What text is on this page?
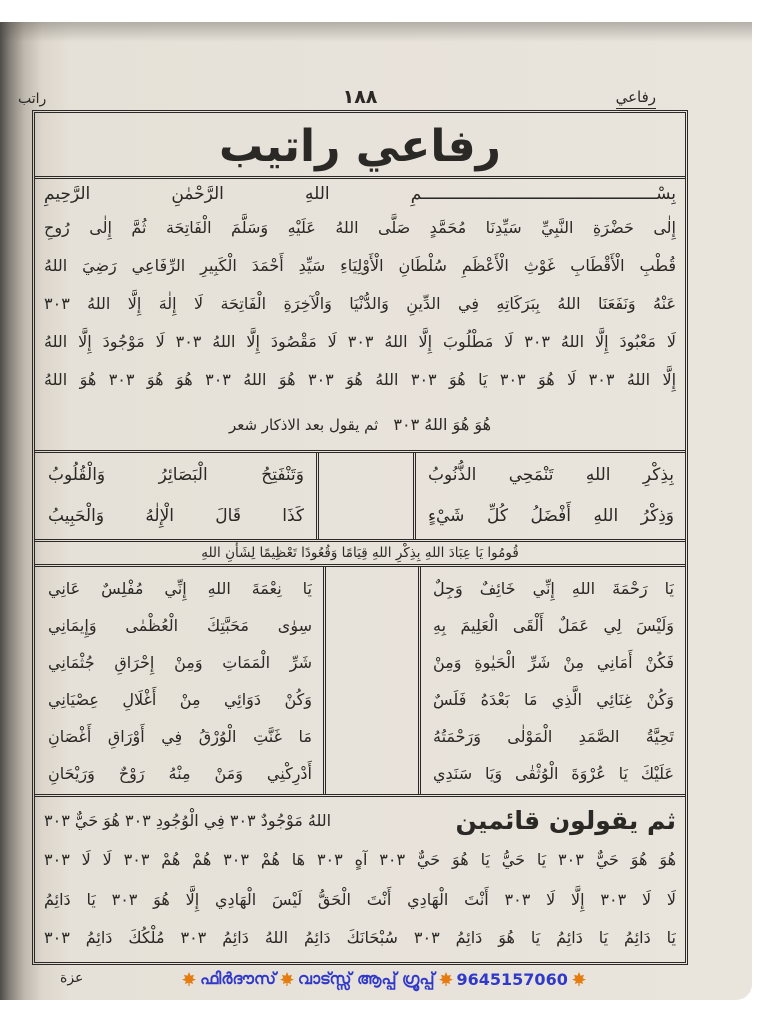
رفاعي
١٨٨
راتب
رفاعي راتيب
بِسْـــــــــــــــــــــــــــــــــــــــــــــــمِ اللهِ الرَّحْمٰنِ الرَّحِيمِ
إِلٰى حَضْرَةِ النَّبِيِّ سَيِّدِنَا مُحَمَّدٍ صَلَّى اللهُ عَلَيْهِ وَسَلَّمَ الْفَاتِحَة ثُمَّ إِلٰى رُوحِ
قُطْبِ الْأَقْطَابِ غَوْثِ الْأَعْظَمِ سُلْطَانِ الْأَوْلِيَاءِ سَيِّدِ أَحْمَدَ الْكَبِيرِ الرِّفَاعِي رَضِيَ اللهُ
عَنْهُ وَنَفَعَنَا اللهُ بِبَرَكَاتِهِ فِي الدِّينِ وَالدُّنْيَا وَالْآخِرَةِ الْفَاتِحَة لَا إِلٰهَ إِلَّا اللهُ ٣٠٣
لَا مَعْبُودَ إِلَّا اللهُ ٣٠٣ لَا مَطْلُوبَ إِلَّا اللهُ ٣٠٣ لَا مَقْصُودَ إِلَّا اللهُ ٣٠٣ لَا مَوْجُودَ إِلَّا اللهُ
إِلَّا اللهُ ٣٠٣ لَا هُوَ ٣٠٣ يَا هُوَ ٣٠٣ اللهُ هُوَ ٣٠٣ هُوَ اللهُ ٣٠٣ هُوَ هُوَ ٣٠٣ هُوَ اللهُ
هُوَ هُوَ اللهُ ٣٠٣ ثم يقول بعد الاذكار شعر
بِذِكْرِ اللهِ تَنْمَحِي الذُّنُوبُ
وَذِكْرُ اللهِ أَفْضَلُ كُلِّ شَيْءٍ
وَتَنْفَتِحُ الْبَصَائِرُ وَالْقُلُوبُ
كَذَا قَالَ الْإِلٰهُ وَالْحَبِيبُ
قُومُوا يَا عِبَادَ اللهِ بِذِكْرِ اللهِ قِيَامًا وَقُعُودًا تَعْظِيمًا لِشَأْنِ اللهِ
يَا رَحْمَةَ اللهِ إِنِّي خَائِفٌ وَجِلٌ
وَلَيْسَ لِي عَمَلٌ أَلْقَى الْعَلِيمَ بِهِ
فَكُنْ أَمَانِي مِنْ شَرِّ الْحَيٰوةِ وَمِنْ
وَكُنْ غِنَائِي الَّذِي مَا بَعْدَهُ فَلَسٌ
تَحِيَّةُ الصَّمَدِ الْمَوْلٰى وَرَحْمَتُهُ
عَلَيْكَ يَا عُرْوَةَ الْوُثْقٰى وَيَا سَنَدِي
يَا نِعْمَةَ اللهِ إِنِّي مُفْلِسٌ عَانِي
سِوٰى مَحَبَّتِكَ الْعُظْمٰى وَإِيمَانِي
شَرِّ الْمَمَاتِ وَمِنْ إِحْرَاقِ جُثْمَانِي
وَكُنْ دَوَائِي مِنْ أَغْلَالِ عِصْيَانِي
مَا غَنَّتِ الْوُرْقُ فِي أَوْرَاقِ أَغْصَانِ
أَدْرِكْنِي وَمَنْ مِنْهُ رَوْحٌ وَرَيْحَانِ
ثم يقولون قائمين
اللهُ مَوْجُودٌ ٣٠٣ فِي الْوُجُودِ ٣٠٣ هُوَ حَيٌّ ٣٠٣
هُوَ هُوَ حَيٌّ ٣٠٣ يَا حَيُّ يَا هُوَ حَيٌّ ٣٠٣ آهٍ ٣٠٣ هَا هُمْ ٣٠٣ هُمْ هُمْ ٣٠٣ لَا لَا ٣٠٣
لَا لَا ٣٠٣ إِلَّا لَا ٣٠٣ أَنْتَ الْهَادِي أَنْتَ الْحَقُّ لَيْسَ الْهَادِي إِلَّا هُوَ ٣٠٣ يَا دَائِمُ
يَا دَائِمُ يَا دَائِمُ يَا هُوَ دَائِمُ ٣٠٣ سُبْحَانَكَ دَائِمُ اللهُ دَائِمُ ٣٠٣ مُلْكُكَ دَائِمُ ٣٠٣
عزة	ഫിർദൗസ് വാട്സ്സ് ആപ്പ് ഗ്രൂപ്പ് 9645157060
